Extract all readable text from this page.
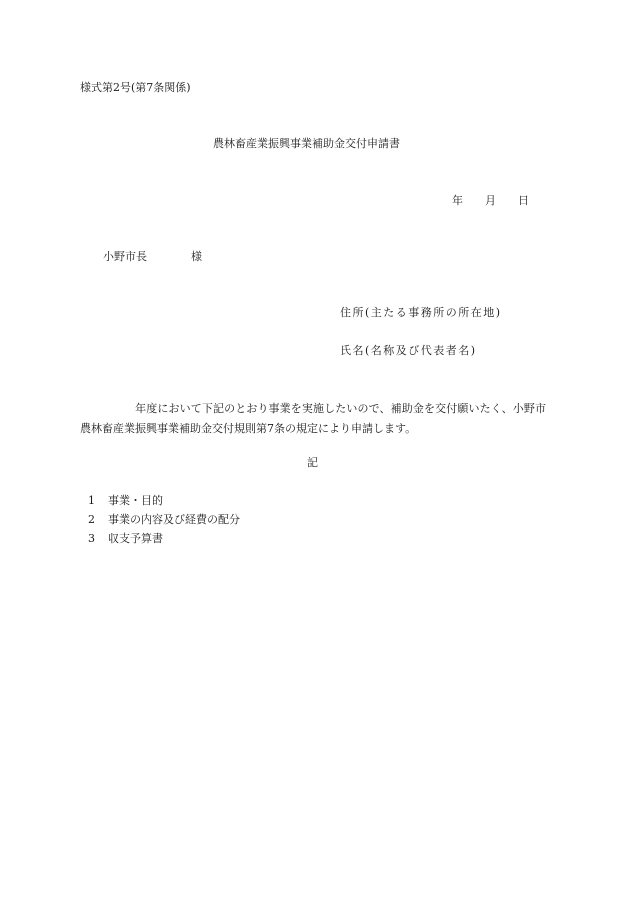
様式第2号(第7条関係)
農林畜産業振興事業補助金交付申請書
年 月 日
小野市長	様
住所(主たる事務所の所在地)
氏名(名称及び代表者名)
年度において下記のとおり事業を実施したいので、補助金を交付願いたく、小野市農林畜産業振興事業補助金交付規則第7条の規定により申請します。
記
1 事業・目的
2 事業の内容及び経費の配分
3 収支予算書
